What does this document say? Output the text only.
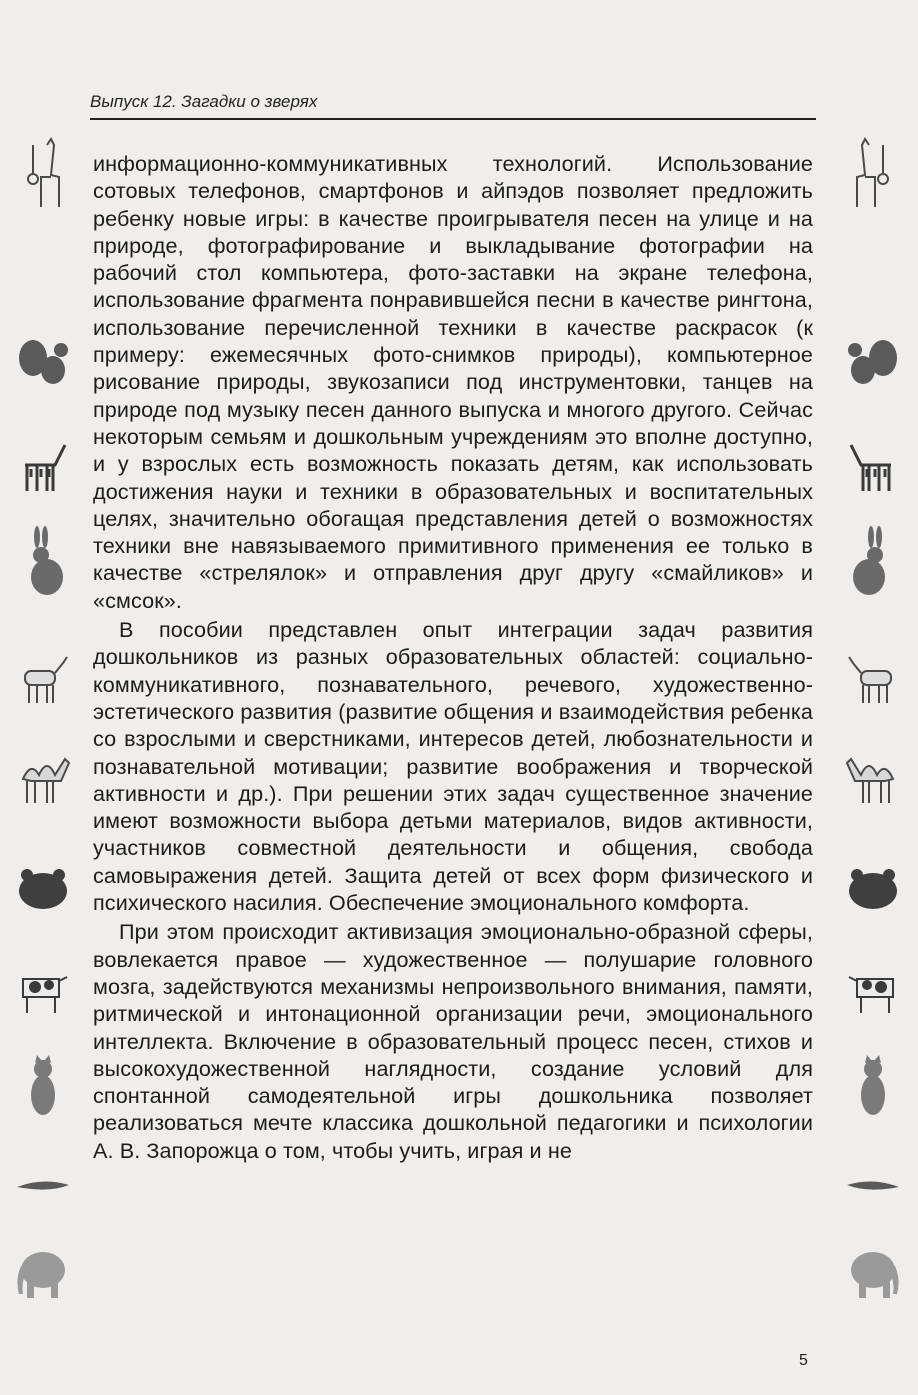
Выпуск 12. Загадки о зверях

информационно-коммуникативных технологий. Использование сотовых телефонов, смартфонов и айпэдов позволяет предложить ребенку новые игры: в качестве проигрывателя песен на улице и на природе, фотографирование и выкладывание фотографии на рабочий стол компьютера, фото-заставки на экране телефона, использование фрагмента понравившейся песни в качестве рингтона, использование перечисленной техники в качестве раскрасок (к примеру: ежемесячных фото-снимков природы), компьютерное рисование природы, звукозаписи под инструментовки, танцев на природе под музыку песен данного выпуска и многого другого. Сейчас некоторым семьям и дошкольным учреждениям это вполне доступно, и у взрослых есть возможность показать детям, как использовать достижения науки и техники в образовательных и воспитательных целях, значительно обогащая представления детей о возможностях техники вне навязываемого примитивного применения ее только в качестве «стрелялок» и отправления друг другу «смайликов» и «смсок».

В пособии представлен опыт интеграции задач развития дошкольников из разных образовательных областей: социально-коммуникативного, познавательного, речевого, художественно-эстетического развития (развитие общения и взаимодействия ребенка со взрослыми и сверстниками, интересов детей, любознательности и познавательной мотивации; развитие воображения и творческой активности и др.). При решении этих задач существенное значение имеют возможности выбора детьми материалов, видов активности, участников совместной деятельности и общения, свобода самовыражения детей. Защита детей от всех форм физического и психического насилия. Обеспечение эмоционального комфорта.

При этом происходит активизация эмоционально-образной сферы, вовлекается правое — художественное — полушарие головного мозга, задействуются механизмы непроизвольного внимания, памяти, ритмической и интонационной организации речи, эмоционального интеллекта. Включение в образовательный процесс песен, стихов и высокохудожественной наглядности, создание условий для спонтанной самодеятельной игры дошкольника позволяет реализоваться мечте классика дошкольной педагогики и психологии А. В. Запорожца о том, чтобы учить, играя и не

5
